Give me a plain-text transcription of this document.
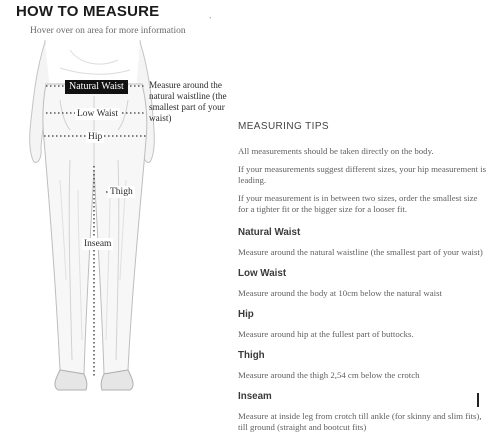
HOW TO MEASURE
Hover over on area for more information
`
Natural Waist
Low Waist
Hip
Thigh
Inseam
Measure around the natural waistline (the smallest part of your waist)
MEASURING TIPS

All measurements should be taken directly on the body.

If your measurements suggest different sizes, your hip measurement is leading.

If your measurement is in between two sizes, order the smallest size for a tighter fit or the bigger size for a looser fit.

Natural Waist

Measure around the natural waistline (the smallest part of your waist)

Low Waist

Measure around the body at 10cm below the natural waist

Hip

Measure around hip at the fullest part of buttocks.

Thigh

Measure around the thigh 2,54 cm below the crotch

Inseam

Measure at inside leg from crotch till ankle (for skinny and slim fits), till ground (straight and bootcut fits)
